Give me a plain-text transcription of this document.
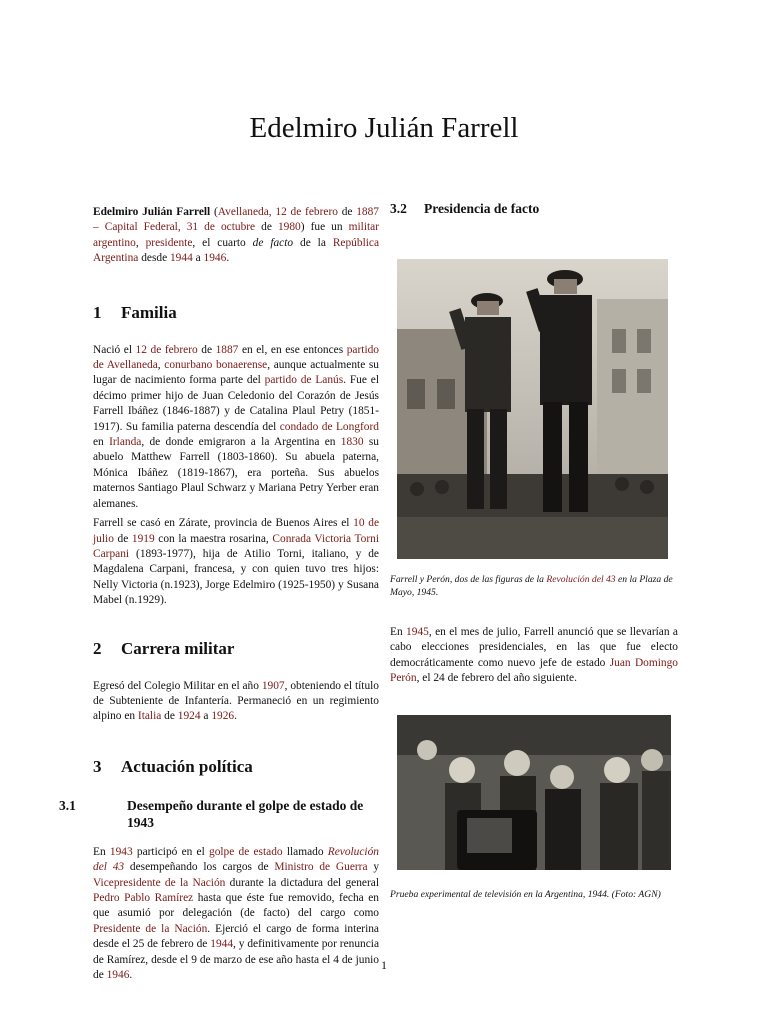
Edelmiro Julián Farrell

Edelmiro Julián Farrell (Avellaneda, 12 de febrero de 1887 – Capital Federal, 31 de octubre de 1980) fue un militar argentino, presidente, el cuarto de facto de la República Argentina desde 1944 a 1946.

1 Familia

Nació el 12 de febrero de 1887 en el, en ese entonces partido de Avellaneda, conurbano bonaerense, aunque actualmente su lugar de nacimiento forma parte del partido de Lanús. Fue el décimo primer hijo de Juan Celedonio del Corazón de Jesús Farrell Ibáñez (1846-1887) y de Catalina Plaul Petry (1851-1917). Su familia paterna descendía del condado de Longford en Irlanda, de donde emigraron a la Argentina en 1830 su abuelo Matthew Farrell (1803-1860). Su abuela paterna, Mónica Ibáñez (1819-1867), era porteña. Sus abuelos maternos Santiago Plaul Schwarz y Mariana Petry Yerber eran alemanes.

Farrell se casó en Zárate, provincia de Buenos Aires el 10 de julio de 1919 con la maestra rosarina, Conrada Victoria Torni Carpani (1893-1977), hija de Atilio Torni, italiano, y de Magdalena Carpani, francesa, y con quien tuvo tres hijos: Nelly Victoria (n.1923), Jorge Edelmiro (1925-1950) y Susana Mabel (n.1929).

2 Carrera militar

Egresó del Colegio Militar en el año 1907, obteniendo el título de Subteniente de Infantería. Permaneció en un regimiento alpino en Italia de 1924 a 1926.

3 Actuación política
3.1	Desempeño durante el golpe de estado de 1943

En 1943 participó en el golpe de estado llamado Revolución del 43 desempeñando los cargos de Ministro de Guerra y Vicepresidente de la Nación durante la dictadura del general Pedro Pablo Ramírez hasta que éste fue removido, fecha en que asumió por delegación (de facto) del cargo como Presidente de la Nación. Ejerció el cargo de forma interina desde el 25 de febrero de 1944, y definitivamente por renuncia de Ramírez, desde el 9 de marzo de ese año hasta el 4 de junio de 1946.

3.2 Presidencia de facto

Farrell y Perón, dos de las figuras de la Revolución del 43 en la Plaza de Mayo, 1945.

En 1945, en el mes de julio, Farrell anunció que se llevarían a cabo elecciones presidenciales, en las que fue electo democráticamente como nuevo jefe de estado Juan Domingo Perón, el 24 de febrero del año siguiente.

Prueba experimental de televisión en la Argentina, 1944. (Foto: AGN)

1
